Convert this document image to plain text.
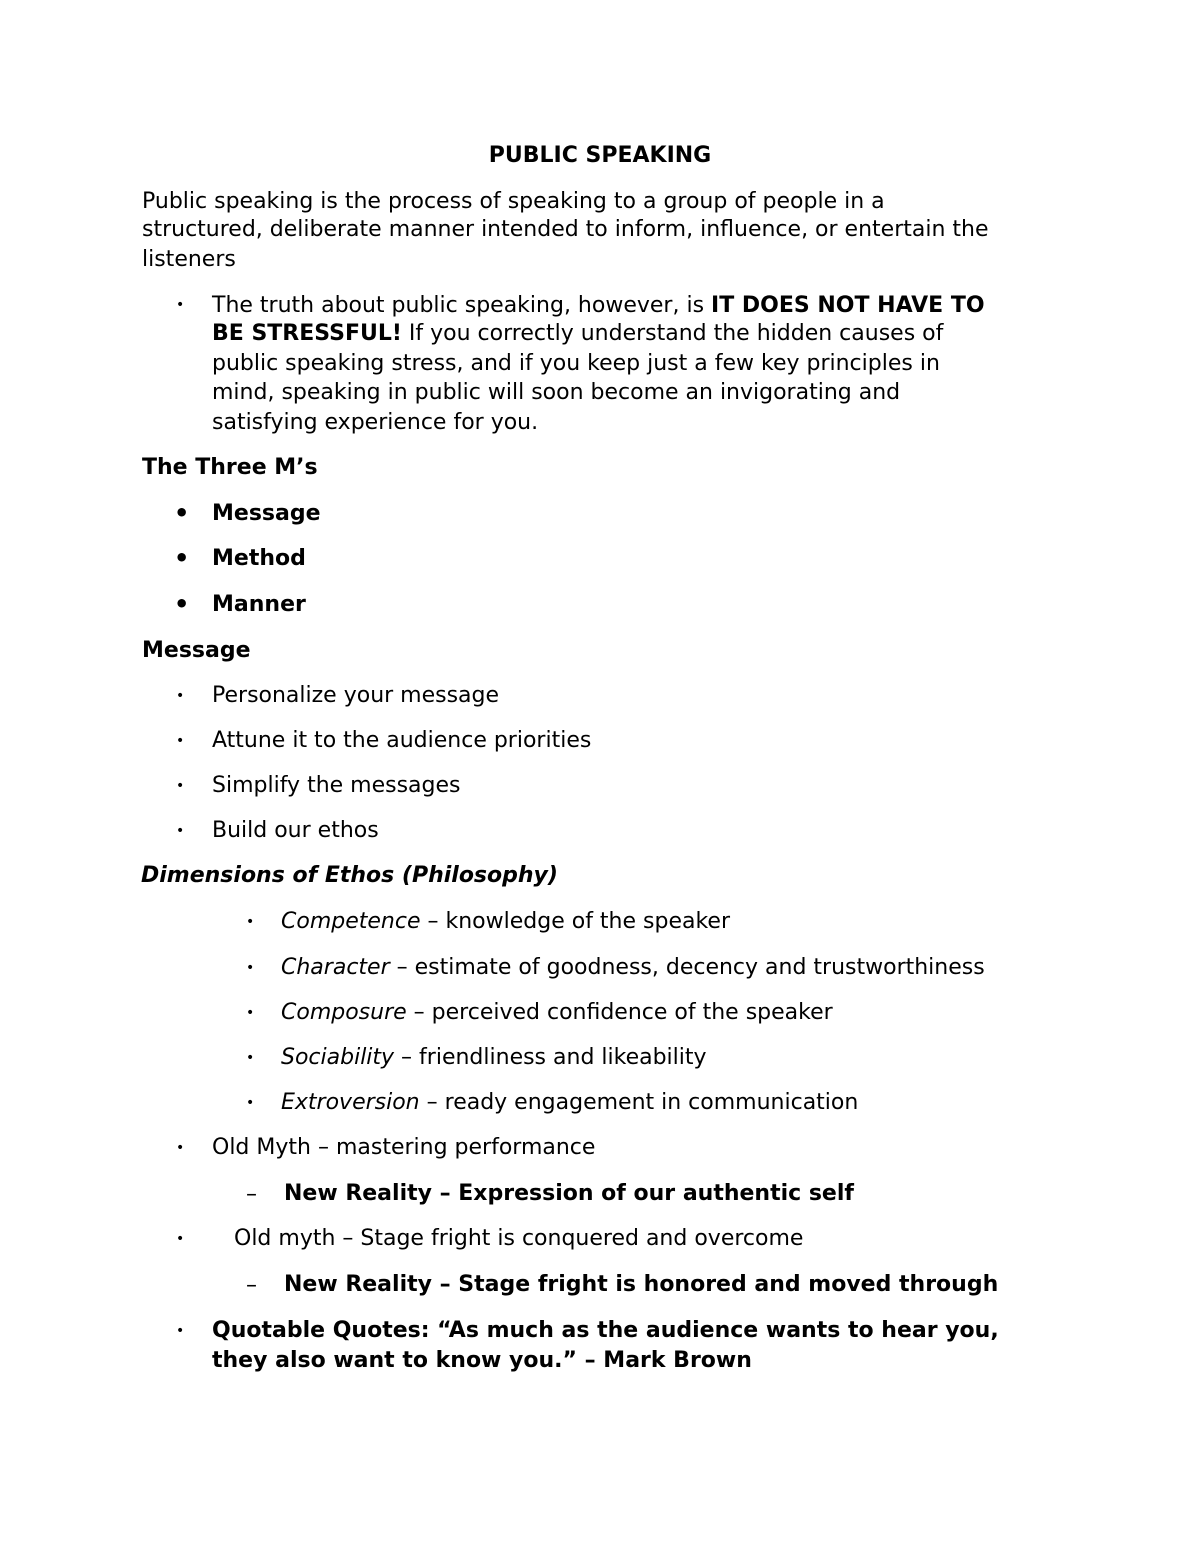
PUBLIC SPEAKING
Public speaking is the process of speaking to a group of people in a
structured, deliberate manner intended to inform, influence, or entertain the
listeners
• The truth about public speaking, however, is IT DOES NOT HAVE TO
BE STRESSFUL! If you correctly understand the hidden causes of
public speaking stress, and if you keep just a few key principles in
mind, speaking in public will soon become an invigorating and
satisfying experience for you.
The Three M’s
• Message
• Method
• Manner
Message
• Personalize your message
• Attune it to the audience priorities
• Simplify the messages
• Build our ethos
Dimensions of Ethos (Philosophy)
• Competence – knowledge of the speaker
• Character – estimate of goodness, decency and trustworthiness
• Composure – perceived confidence of the speaker
• Sociability – friendliness and likeability
• Extroversion – ready engagement in communication
• Old Myth – mastering performance
– New Reality – Expression of our authentic self
• Old myth – Stage fright is conquered and overcome
– New Reality – Stage fright is honored and moved through
• Quotable Quotes: “As much as the audience wants to hear you,
they also want to know you.” – Mark Brown
